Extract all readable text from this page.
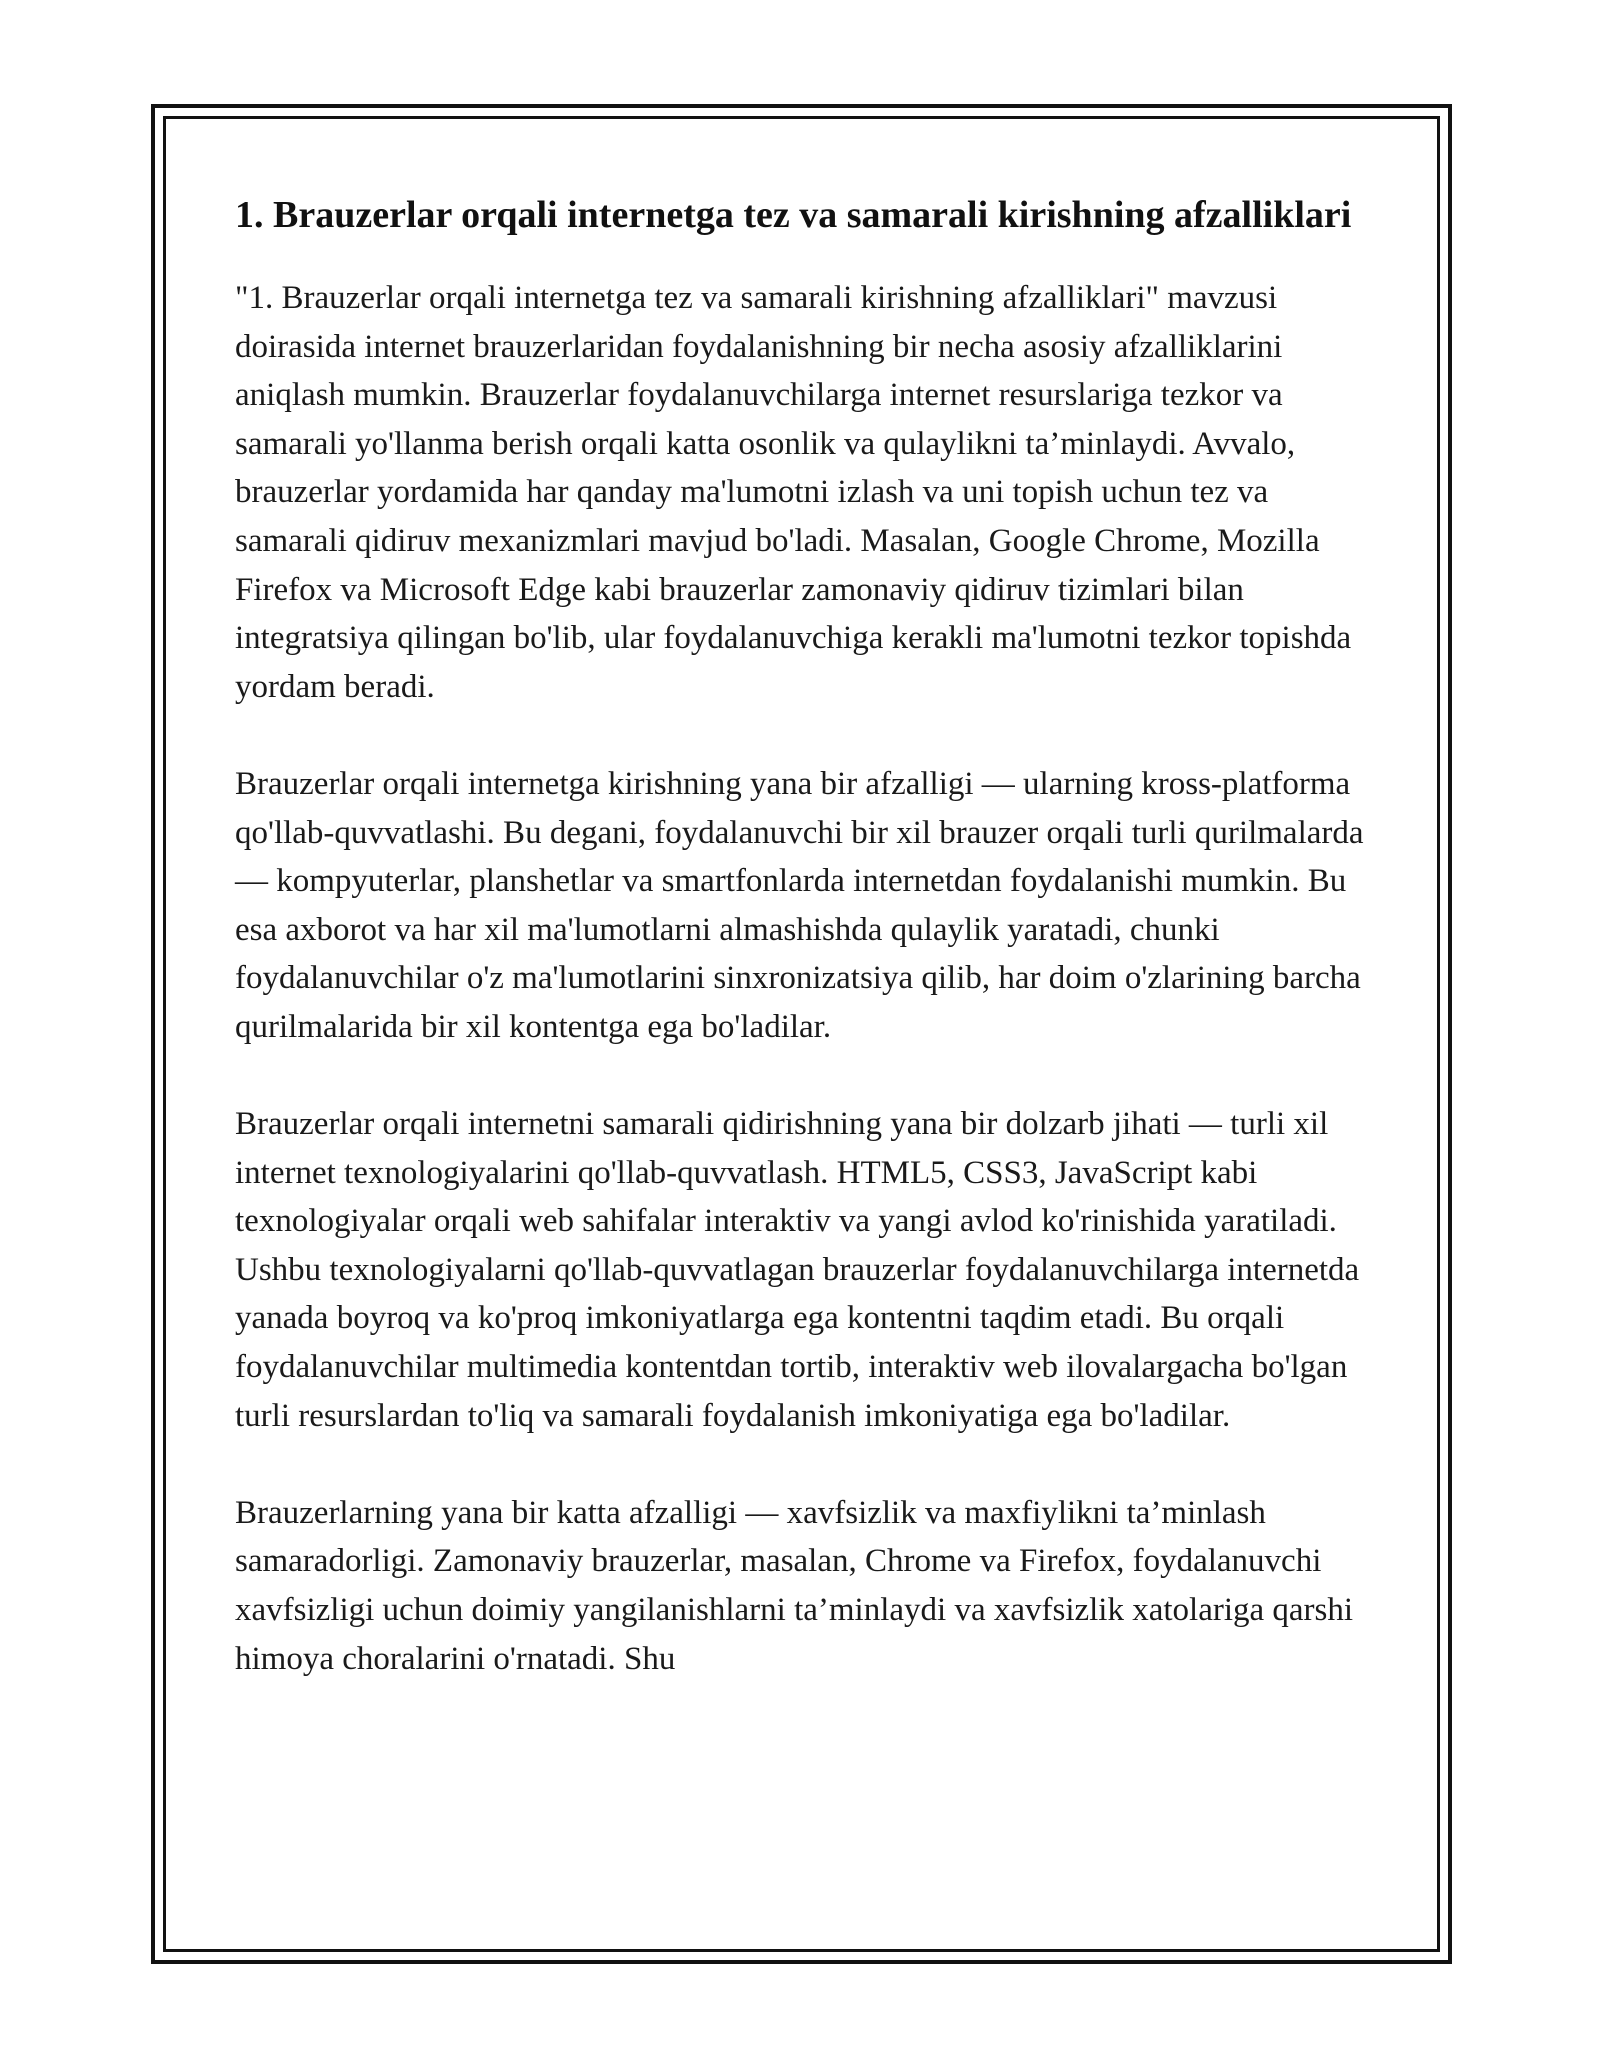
1. Brauzerlar orqali internetga tez va samarali kirishning afzalliklari

"1. Brauzerlar orqali internetga tez va samarali kirishning afzalliklari" mavzusi doirasida internet brauzerlaridan foydalanishning bir necha asosiy afzalliklarini aniqlash mumkin. Brauzerlar foydalanuvchilarga internet resurslariga tezkor va samarali yo'llanma berish orqali katta osonlik va qulaylikni ta’minlaydi. Avvalo, brauzerlar yordamida har qanday ma'lumotni izlash va uni topish uchun tez va samarali qidiruv mexanizmlari mavjud bo'ladi. Masalan, Google Chrome, Mozilla Firefox va Microsoft Edge kabi brauzerlar zamonaviy qidiruv tizimlari bilan integratsiya qilingan bo'lib, ular foydalanuvchiga kerakli ma'lumotni tezkor topishda yordam beradi.

Brauzerlar orqali internetga kirishning yana bir afzalligi — ularning kross-platforma qo'llab-quvvatlashi. Bu degani, foydalanuvchi bir xil brauzer orqali turli qurilmalarda — kompyuterlar, planshetlar va smartfonlarda internetdan foydalanishi mumkin. Bu esa axborot va har xil ma'lumotlarni almashishda qulaylik yaratadi, chunki foydalanuvchilar o'z ma'lumotlarini sinxronizatsiya qilib, har doim o'zlarining barcha qurilmalarida bir xil kontentga ega bo'ladilar.

Brauzerlar orqali internetni samarali qidirishning yana bir dolzarb jihati — turli xil internet texnologiyalarini qo'llab-quvvatlash. HTML5, CSS3, JavaScript kabi texnologiyalar orqali web sahifalar interaktiv va yangi avlod ko'rinishida yaratiladi. Ushbu texnologiyalarni qo'llab-quvvatlagan brauzerlar foydalanuvchilarga internetda yanada boyroq va ko'proq imkoniyatlarga ega kontentni taqdim etadi. Bu orqali foydalanuvchilar multimedia kontentdan tortib, interaktiv web ilovalargacha bo'lgan turli resurslardan to'liq va samarali foydalanish imkoniyatiga ega bo'ladilar.

Brauzerlarning yana bir katta afzalligi — xavfsizlik va maxfiylikni ta’minlash samaradorligi. Zamonaviy brauzerlar, masalan, Chrome va Firefox, foydalanuvchi xavfsizligi uchun doimiy yangilanishlarni ta’minlaydi va xavfsizlik xatolariga qarshi himoya choralarini o'rnatadi. Shu
